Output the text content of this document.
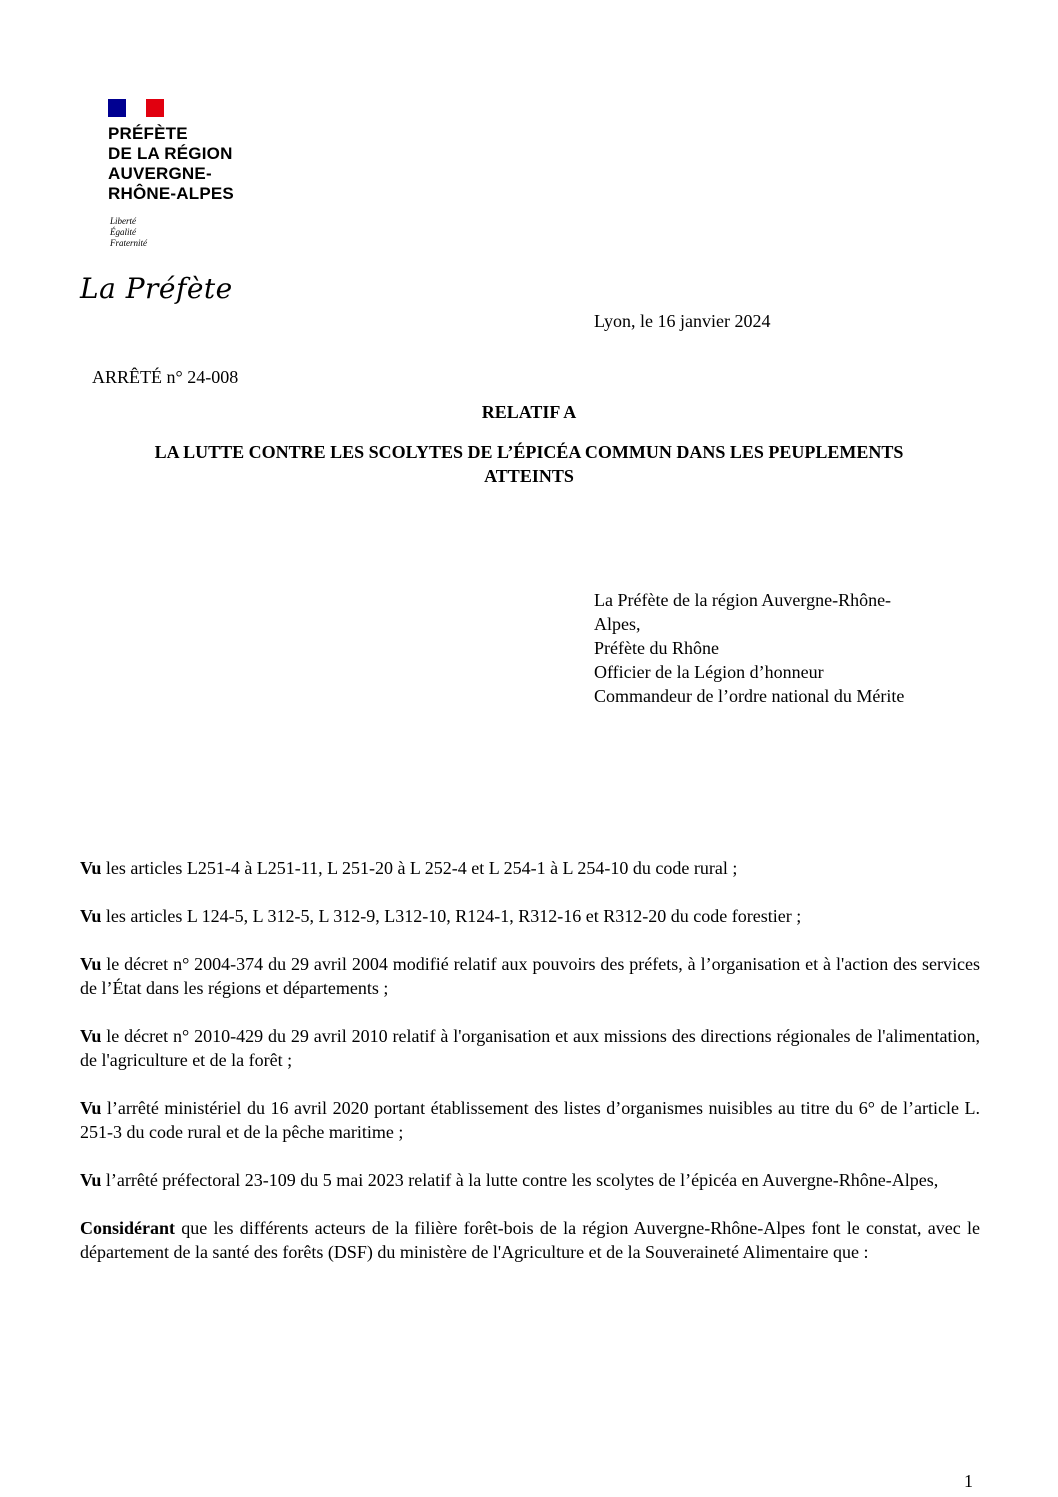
PRÉFÈTE
DE LA RÉGION
AUVERGNE-
RHÔNE-ALPES
Liberté
Égalité
Fraternité
La Préfète
Lyon, le 16 janvier 2024
ARRÊTÉ n° 24-008
RELATIF A
LA LUTTE CONTRE LES SCOLYTES DE L’ÉPICÉA COMMUN DANS LES PEUPLEMENTS ATTEINTS
La Préfète de la région Auvergne-Rhône-
Alpes,
Préfète du Rhône
Officier de la Légion d’honneur
Commandeur de l’ordre national du Mérite

Vu les articles L251-4 à L251-11, L 251-20 à L 252-4 et L 254-1 à L 254-10 du code rural ;

Vu les articles L 124-5, L 312-5, L 312-9, L312-10, R124-1, R312-16 et R312-20 du code forestier ;

Vu le décret n° 2004-374 du 29 avril 2004 modifié relatif aux pouvoirs des préfets, à l’organisation et à l'action des services de l’État dans les régions et départements ;

Vu le décret n° 2010-429 du 29 avril 2010 relatif à l'organisation et aux missions des directions régionales de l'alimentation, de l'agriculture et de la forêt ;

Vu l’arrêté ministériel du 16 avril 2020 portant établissement des listes d’organismes nuisibles au titre du 6° de l’article L. 251-3 du code rural et de la pêche maritime ;

Vu l’arrêté préfectoral 23-109 du 5 mai 2023 relatif à la lutte contre les scolytes de l’épicéa en Auvergne-Rhône-Alpes,

Considérant que les différents acteurs de la filière forêt-bois de la région Auvergne-Rhône-Alpes font le constat, avec le département de la santé des forêts (DSF) du ministère de l'Agriculture et de la Souveraineté Alimentaire que :

1
